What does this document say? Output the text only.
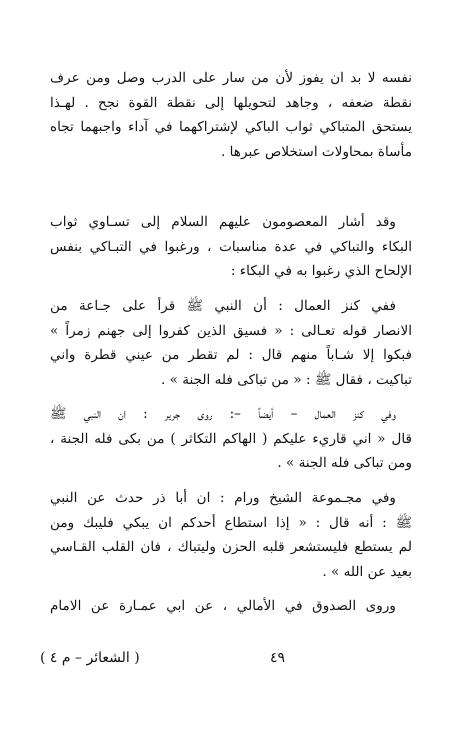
نفسه لا بد ان يفوز لأن من سار على الدرب وصل ومن عرف
نقطة ضعفه ، وجاهد لتحويلها إلى نقطة القوة نجح . لهـذا
يستحق المتباكي ثواب الباكي لإشتراكهما في آداء واجبهما تجاه
مأساة بمحاولات استخلاص عبرها .
وقد أشار المعصومون عليهم السلام إلى تسـاوي ثواب
البكاء والتباكي في عدة مناسبات ، ورغبوا في التبـاكي بنفس
الإلحاح الذي رغبوا به في البكاء :
ففي كنز العمال : أن النبي ﷺ قرأ على جـاعة من
الانصار قوله تعـالى : « فسيق الذين كفروا إلى جهنم زمراً »
فبكوا إلا شـاباً منهم قال : لم تقطر من عيني قطرة واني
تباكيت ، فقال ﷺ : « من تباكى فله الجنة » .
وفي كنز العمال – أيضاً –: روى جرير : ان النبي ﷺ
قال « اني قاريء عليكم ( الهاكم التكاثر ) من بكى فله الجنة ،
ومن تباكى فله الجنة » .
وفي مجـموعة الشيخ ورام : ان أبا ذر حدث عن النبي
ﷺ : أنه قال : « إذا استطاع أحدكم ان يبكي فليبك ومن
لم يستطع فليستشعر قلبه الحزن وليتباك ، فان القلب القـاسي
بعيد عن الله » .
وروى الصدوق في الأمالي ، عن ابي عمـارة عن الامام
٤٩
( الشعائر – م ٤ )
